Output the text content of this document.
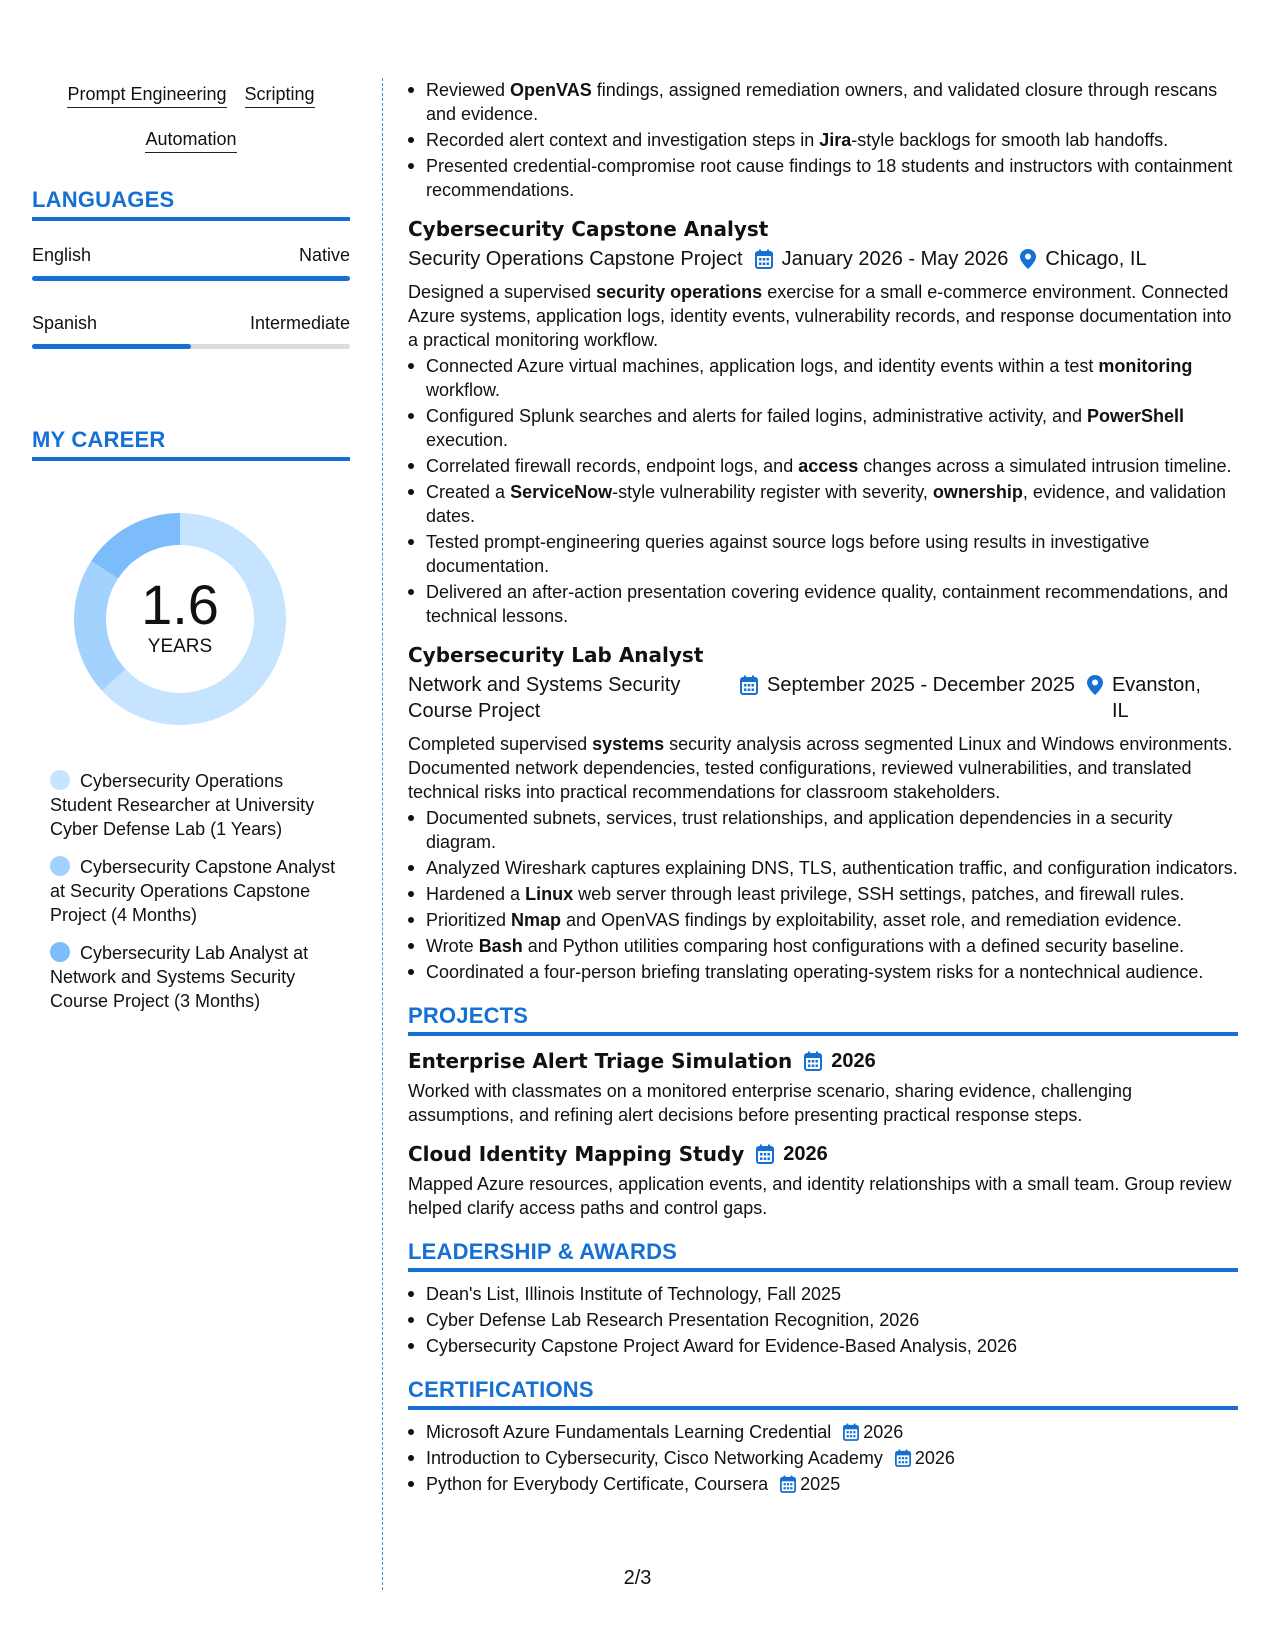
Prompt Engineering Scripting
Automation
LANGUAGES
English	Native
Spanish	Intermediate
MY CAREER
1.6
YEARS
Cybersecurity Operations Student Researcher at University Cyber Defense Lab (1 Years)
Cybersecurity Capstone Analyst at Security Operations Capstone Project (4 Months)
Cybersecurity Lab Analyst at Network and Systems Security Course Project (3 Months)
Reviewed OpenVAS findings, assigned remediation owners, and validated closure through rescans and evidence.
Recorded alert context and investigation steps in Jira-style backlogs for smooth lab handoffs.
Presented credential-compromise root cause findings to 18 students and instructors with containment recommendations.
Cybersecurity Capstone Analyst
Security Operations Capstone Project January 2026 - May 2026 Chicago, IL

Designed a supervised security operations exercise for a small e-commerce environment. Connected Azure systems, application logs, identity events, vulnerability records, and response documentation into a practical monitoring workflow.

Connected Azure virtual machines, application logs, and identity events within a test monitoring workflow.
Configured Splunk searches and alerts for failed logins, administrative activity, and PowerShell execution.
Correlated firewall records, endpoint logs, and access changes across a simulated intrusion timeline.
Created a ServiceNow-style vulnerability register with severity, ownership, evidence, and validation dates.
Tested prompt-engineering queries against source logs before using results in investigative documentation.
Delivered an after-action presentation covering evidence quality, containment recommendations, and technical lessons.
Cybersecurity Lab Analyst
Network and Systems Security Course Project
September 2025 - December 2025 Evanston, IL

Completed supervised systems security analysis across segmented Linux and Windows environments. Documented network dependencies, tested configurations, reviewed vulnerabilities, and translated technical risks into practical recommendations for classroom stakeholders.

Documented subnets, services, trust relationships, and application dependencies in a security diagram.
Analyzed Wireshark captures explaining DNS, TLS, authentication traffic, and configuration indicators.
Hardened a Linux web server through least privilege, SSH settings, patches, and firewall rules.
Prioritized Nmap and OpenVAS findings by exploitability, asset role, and remediation evidence.
Wrote Bash and Python utilities comparing host configurations with a defined security baseline.
Coordinated a four-person briefing translating operating-system risks for a nontechnical audience.
PROJECTS
Enterprise Alert Triage Simulation 2026

Worked with classmates on a monitored enterprise scenario, sharing evidence, challenging assumptions, and refining alert decisions before presenting practical response steps.

Cloud Identity Mapping Study 2026

Mapped Azure resources, application events, and identity relationships with a small team. Group review helped clarify access paths and control gaps.

LEADERSHIP & AWARDS
Dean's List, Illinois Institute of Technology, Fall 2025
Cyber Defense Lab Research Presentation Recognition, 2026
Cybersecurity Capstone Project Award for Evidence-Based Analysis, 2026
CERTIFICATIONS
Microsoft Azure Fundamentals Learning Credential 2026
Introduction to Cybersecurity, Cisco Networking Academy 2026
Python for Everybody Certificate, Coursera 2025
2/3
